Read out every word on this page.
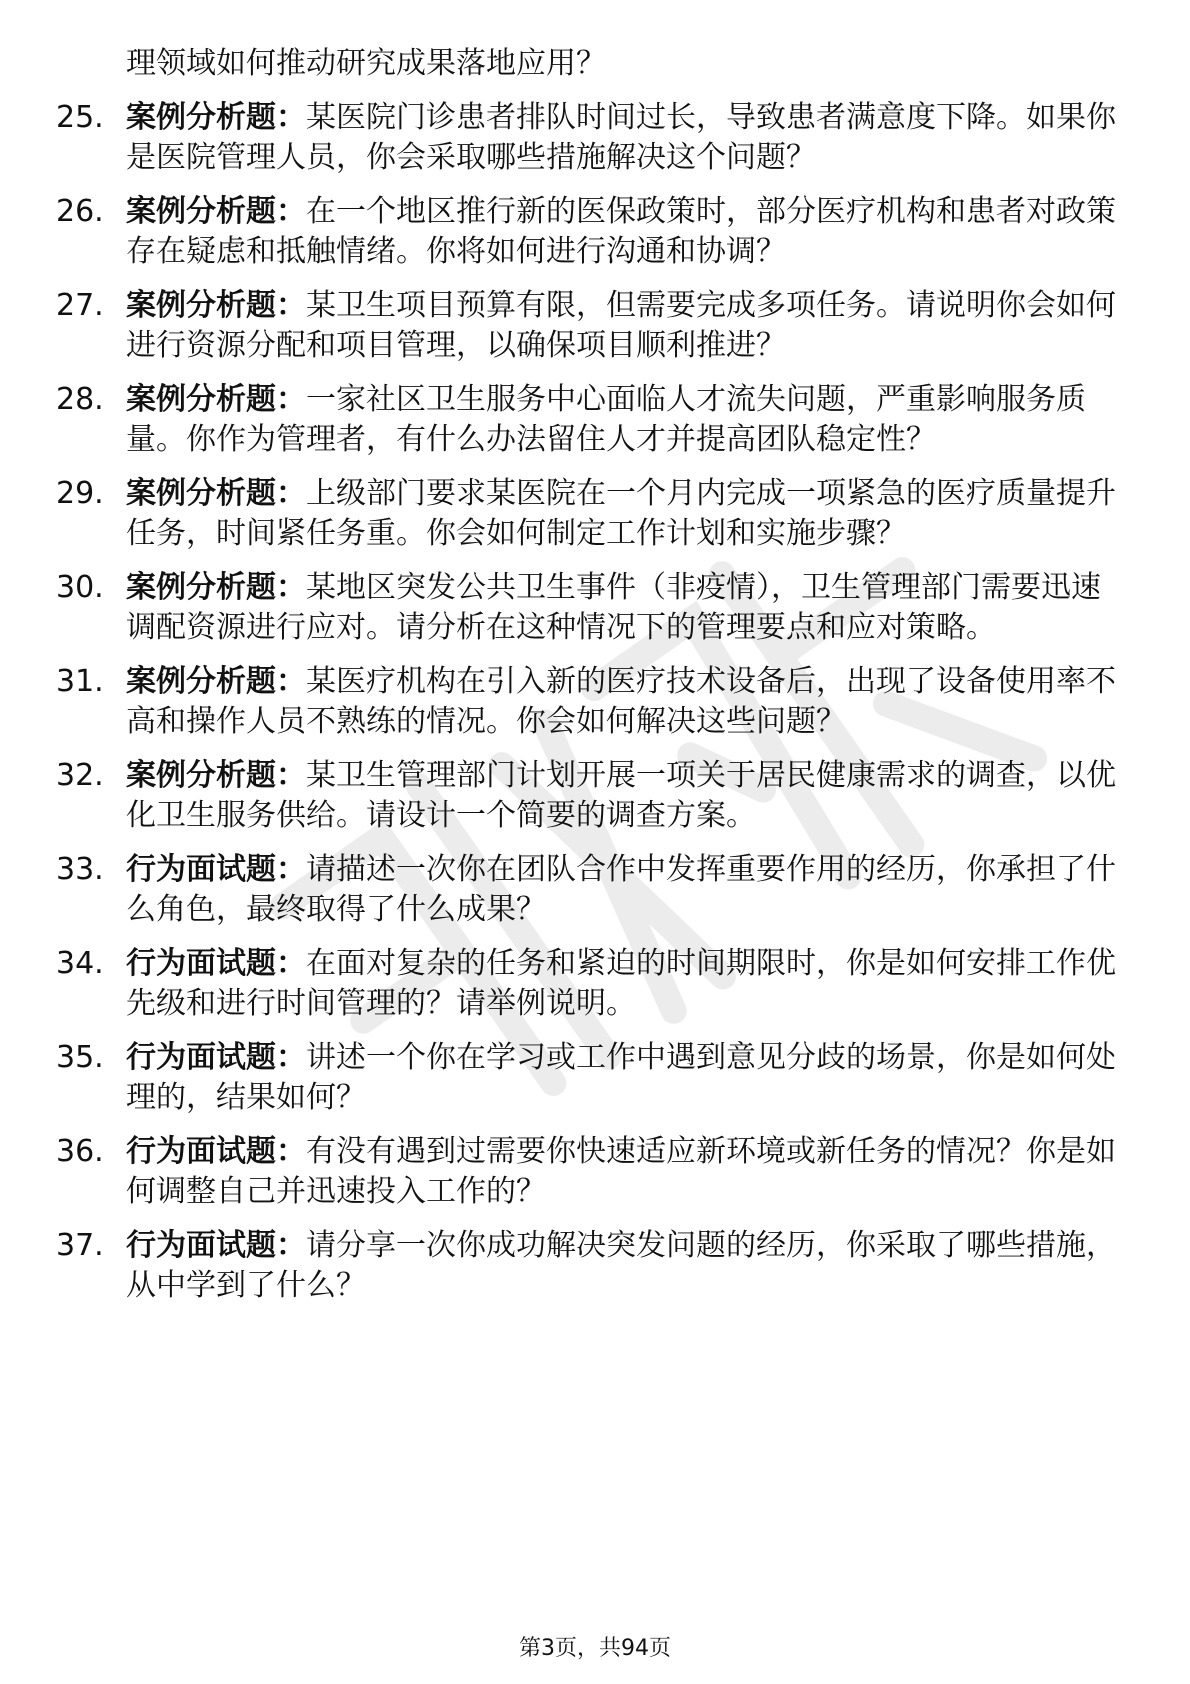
理领域如何推动研究成果落地应用？
25. 案例分析题：某医院门诊患者排队时间过长，导致患者满意度下降。如果你是医院管理人员，你会采取哪些措施解决这个问题？
26. 案例分析题：在一个地区推行新的医保政策时，部分医疗机构和患者对政策存在疑虑和抵触情绪。你将如何进行沟通和协调？
27. 案例分析题：某卫生项目预算有限，但需要完成多项任务。请说明你会如何进行资源分配和项目管理，以确保项目顺利推进？
28. 案例分析题：一家社区卫生服务中心面临人才流失问题，严重影响服务质量。你作为管理者，有什么办法留住人才并提高团队稳定性？
29. 案例分析题：上级部门要求某医院在一个月内完成一项紧急的医疗质量提升任务，时间紧任务重。你会如何制定工作计划和实施步骤？
30. 案例分析题：某地区突发公共卫生事件（非疫情），卫生管理部门需要迅速调配资源进行应对。请分析在这种情况下的管理要点和应对策略。
31. 案例分析题：某医疗机构在引入新的医疗技术设备后，出现了设备使用率不高和操作人员不熟练的情况。你会如何解决这些问题？
32. 案例分析题：某卫生管理部门计划开展一项关于居民健康需求的调查，以优化卫生服务供给。请设计一个简要的调查方案。
33. 行为面试题：请描述一次你在团队合作中发挥重要作用的经历，你承担了什么角色，最终取得了什么成果？
34. 行为面试题：在面对复杂的任务和紧迫的时间期限时，你是如何安排工作优先级和进行时间管理的？请举例说明。
35. 行为面试题：讲述一个你在学习或工作中遇到意见分歧的场景，你是如何处理的，结果如何？
36. 行为面试题：有没有遇到过需要你快速适应新环境或新任务的情况？你是如何调整自己并迅速投入工作的？
37. 行为面试题：请分享一次你成功解决突发问题的经历，你采取了哪些措施，从中学到了什么？
第3页，共94页
